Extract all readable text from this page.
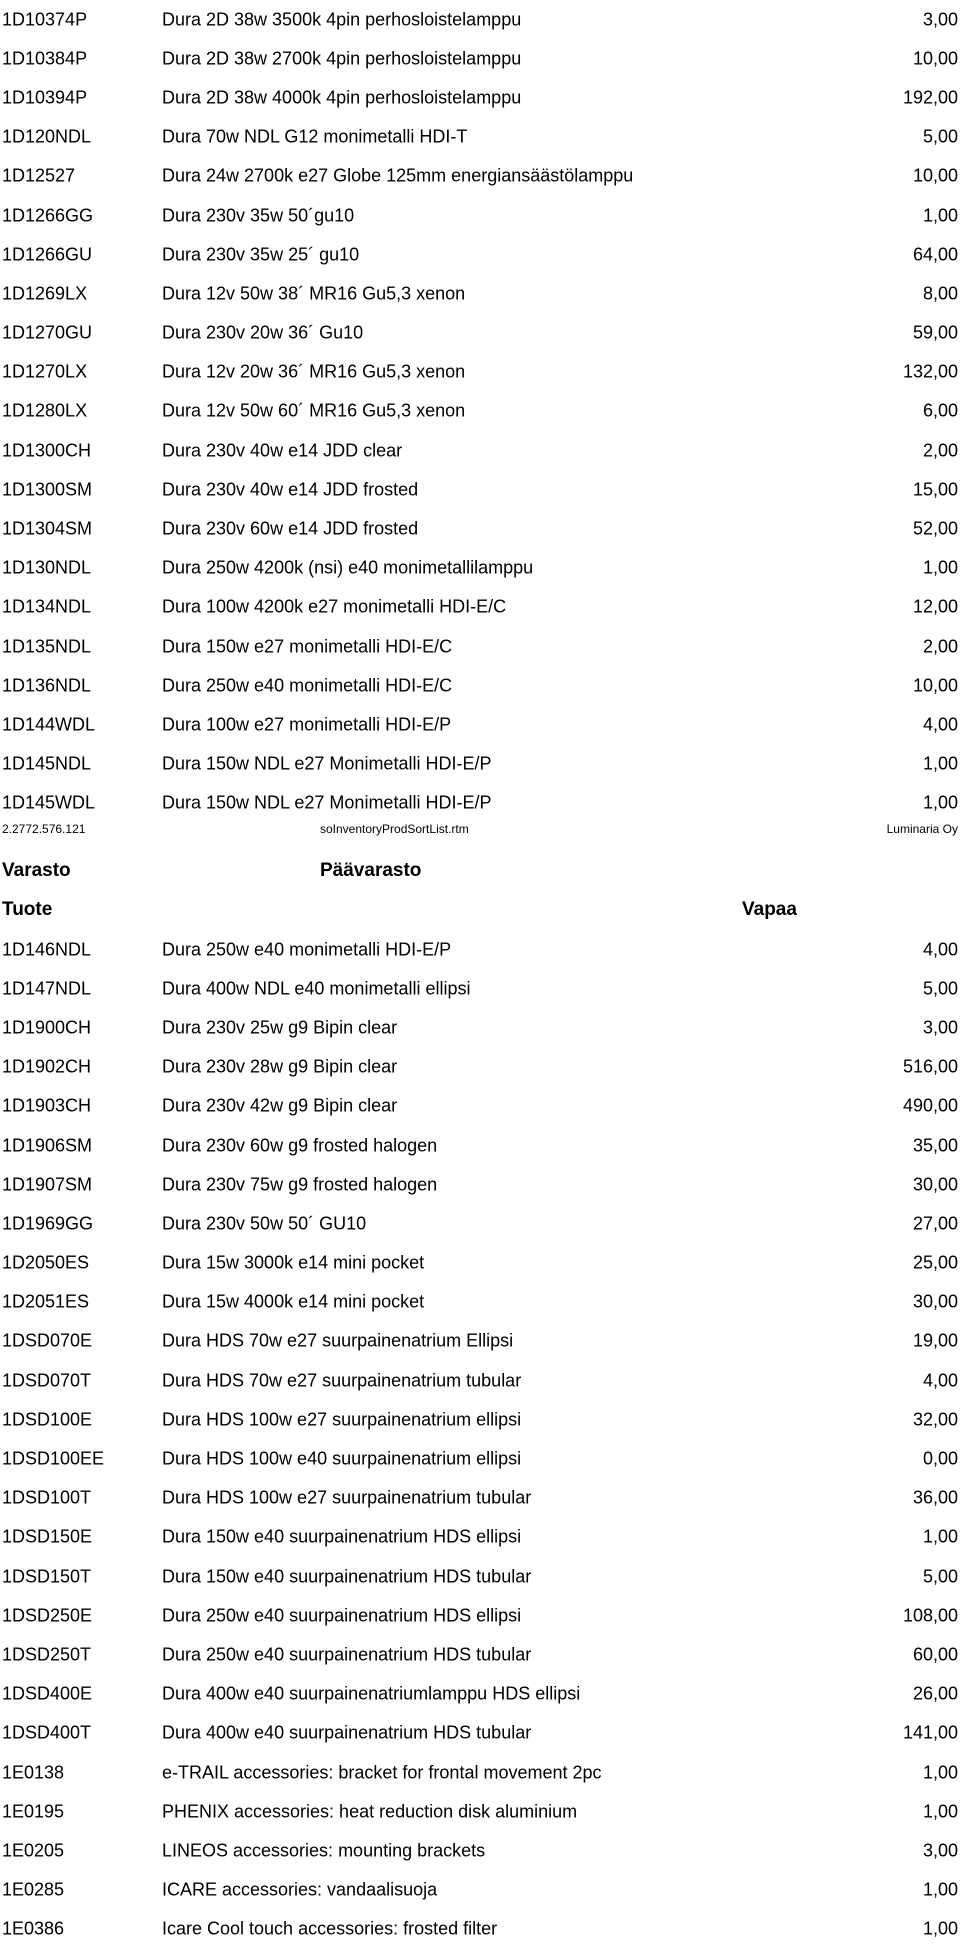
1D10374P	Dura 2D 38w 3500k 4pin perhosloistelamppu	3,00
1D10384P	Dura 2D 38w 2700k 4pin perhosloistelamppu	10,00
1D10394P	Dura 2D 38w 4000k 4pin perhosloistelamppu	192,00
1D120NDL	Dura 70w NDL G12 monimetalli HDI-T	5,00
1D12527	Dura 24w 2700k e27 Globe 125mm energiansäästölamppu	10,00
1D1266GG	Dura 230v 35w 50´gu10	1,00
1D1266GU	Dura 230v 35w 25´ gu10	64,00
1D1269LX	Dura 12v 50w 38´ MR16 Gu5,3 xenon	8,00
1D1270GU	Dura 230v 20w 36´ Gu10	59,00
1D1270LX	Dura 12v 20w 36´ MR16 Gu5,3 xenon	132,00
1D1280LX	Dura 12v 50w 60´ MR16 Gu5,3 xenon	6,00
1D1300CH	Dura 230v 40w e14 JDD clear	2,00
1D1300SM	Dura 230v 40w e14 JDD frosted	15,00
1D1304SM	Dura 230v 60w e14 JDD frosted	52,00
1D130NDL	Dura 250w 4200k (nsi) e40 monimetallilamppu	1,00
1D134NDL	Dura 100w 4200k e27 monimetalli HDI-E/C	12,00
1D135NDL	Dura 150w e27 monimetalli HDI-E/C	2,00
1D136NDL	Dura 250w e40 monimetalli HDI-E/C	10,00
1D144WDL	Dura 100w e27 monimetalli HDI-E/P	4,00
1D145NDL	Dura 150w NDL e27 Monimetalli HDI-E/P	1,00
1D145WDL	Dura 150w NDL e27 Monimetalli HDI-E/P	1,00
2.2772.576.121	soInventoryProdSortList.rtm	Luminaria Oy
Varasto	Päävarasto
Tuote	Vapaa
1D146NDL	Dura 250w e40 monimetalli HDI-E/P	4,00
1D147NDL	Dura 400w NDL e40 monimetalli ellipsi	5,00
1D1900CH	Dura 230v 25w g9 Bipin clear	3,00
1D1902CH	Dura 230v 28w g9 Bipin clear	516,00
1D1903CH	Dura 230v 42w g9 Bipin clear	490,00
1D1906SM	Dura 230v 60w g9 frosted halogen	35,00
1D1907SM	Dura 230v 75w g9 frosted halogen	30,00
1D1969GG	Dura 230v 50w 50´ GU10	27,00
1D2050ES	Dura 15w 3000k e14 mini pocket	25,00
1D2051ES	Dura 15w 4000k e14 mini pocket	30,00
1DSD070E	Dura HDS 70w e27 suurpainenatrium Ellipsi	19,00
1DSD070T	Dura HDS 70w e27 suurpainenatrium tubular	4,00
1DSD100E	Dura HDS 100w e27 suurpainenatrium ellipsi	32,00
1DSD100EE	Dura HDS 100w e40 suurpainenatrium ellipsi	0,00
1DSD100T	Dura HDS 100w e27 suurpainenatrium tubular	36,00
1DSD150E	Dura 150w e40 suurpainenatrium HDS ellipsi	1,00
1DSD150T	Dura 150w e40 suurpainenatrium HDS tubular	5,00
1DSD250E	Dura 250w e40 suurpainenatrium HDS ellipsi	108,00
1DSD250T	Dura 250w e40 suurpainenatrium HDS tubular	60,00
1DSD400E	Dura 400w e40 suurpainenatriumlamppu HDS ellipsi	26,00
1DSD400T	Dura 400w e40 suurpainenatrium HDS tubular	141,00
1E0138	e-TRAIL accessories: bracket for frontal movement 2pc	1,00
1E0195	PHENIX accessories: heat reduction disk aluminium	1,00
1E0205	LINEOS accessories: mounting brackets	3,00
1E0285	ICARE accessories: vandaalisuoja	1,00
1E0386	Icare Cool touch accessories: frosted filter	1,00
